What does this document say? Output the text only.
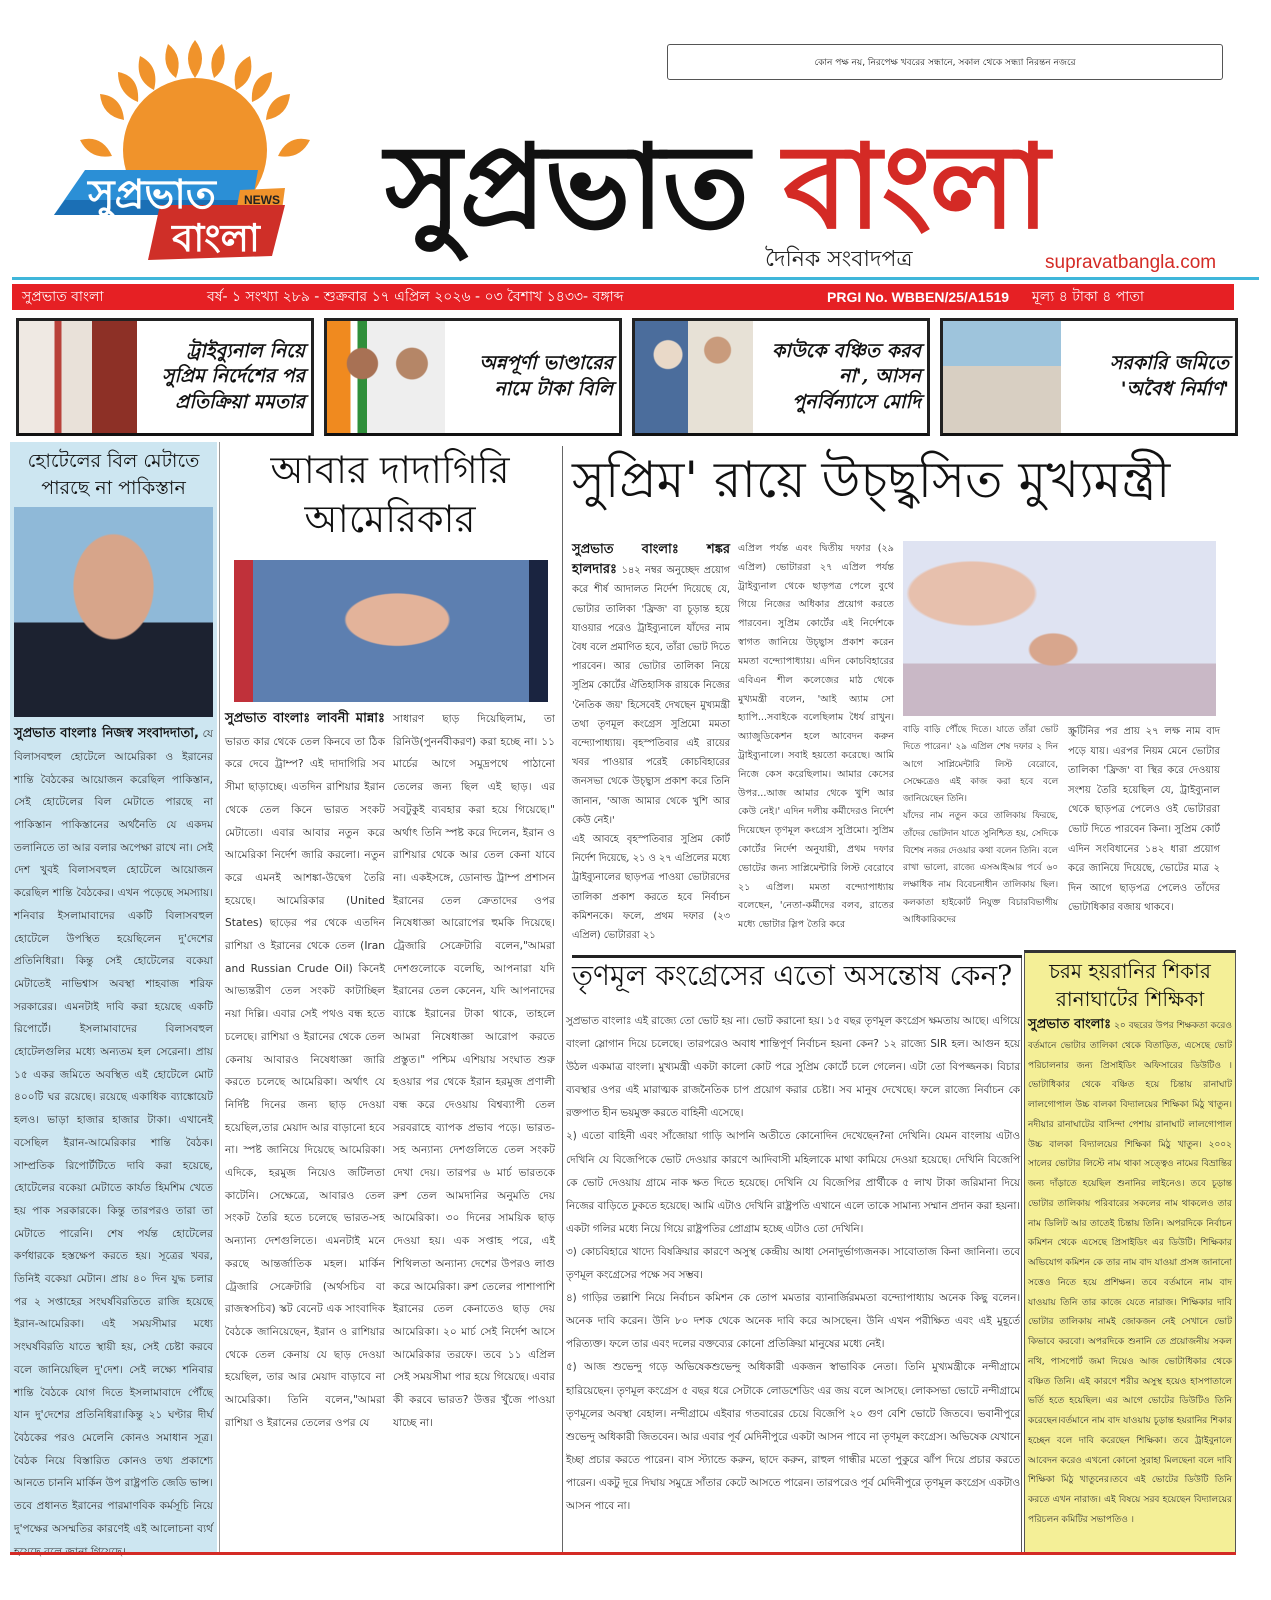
সুপ্রভাত
বাংলা
NEWS
কোন পক্ষ নয়, নিরপেক্ষ খবরের সন্ধানে, সকাল থেকে সন্ধ্যা নিরন্তন নজরে
সুপ্রভাত বাংলা
দৈনিক সংবাদপত্র	supravatbangla.com
সুপ্রভাত বাংলা	বর্ষ- ১ সংখ্যা ২৮৯ - শুক্রবার ১৭ এপ্রিল ২০২৬ - ০৩ বৈশাখ ১৪৩৩- বঙ্গাব্দ	PRGI No. WBBEN/25/A1519	মূল্য ৪ টাকা ৪ পাতা
ট্রাইব্যুনাল নিয়ে সুপ্রিম নির্দেশের পর প্রতিক্রিয়া মমতার
অন্নপূর্ণা ভাণ্ডারের নামে টাকা বিলি
কাউকে বঞ্চিত করব না', আসন পুনর্বিন্যাসে মোদি
সরকারি জমিতে 'অবৈধ নির্মাণ'
হোটেলের বিল মেটাতে পারছে না পাকিস্তান
সুপ্রভাত বাংলাঃ নিজস্ব সংবাদদাতা, যে বিলাসবহুল হোটেলে আমেরিকা ও ইরানের শান্তি বৈঠকের আয়োজন করেছিল পাকিস্তান, সেই হোটেলের বিল মেটাতে পারছে না পাকিস্তান পাকিস্তানের অর্থনৈতি যে একদম তলানিতে তা আর বলার অপেক্ষা রাখে না। সেই দেশ খুবই বিলাসবহুল হোটেলে আয়োজন করেছিল শান্তি বৈঠকের। এখন পড়েছে সমস্যায়। শনিবার ইসলামাবাদের একটি বিলাসবহুল হোটেলে উপস্থিত হয়েছিলেন দু'দেশের প্রতিনিধিরা। কিন্তু সেই হোটেলের বকেয়া মেটাতেই নাভিশ্বাস অবস্থা শাহবাজ শরিফ সরকারের। এমনটাই দাবি করা হয়েছে একটি রিপোর্টে। ইসলামাবাদের বিলাসবহুল হোটেলগুলির মধ্যে অন্যতম হল সেরেনা। প্রায় ১৫ একর জমিতে অবস্থিত এই হোটেলে মোট ৪০০টি ঘর রয়েছে। রয়েছে একাধিক ব্যাঙ্কোয়েট হলও। ভাড়া হাজার হাজার টাকা। এখানেই বসেছিল ইরান-আমেরিকার শান্তি বৈঠক। সাম্প্রতিক রিপোর্টটিতে দাবি করা হয়েছে, হোটেলের বকেয়া মেটাতে কার্যত হিমশিম খেতে হয় পাক সরকারকে। কিন্তু তারপরও তারা তা মেটাতে পারেনি। শেষ পর্যন্ত হোটেলের কর্ণধারকে হস্তক্ষেপ করতে হয়। সূত্রের খবর, তিনিই বকেয়া মেটান। প্রায় ৪০ দিন যুদ্ধ চলার পর ২ সপ্তাহের সংঘর্ষবিরতিতে রাজি হয়েছে ইরান-আমেরিকা। এই সময়সীমার মধ্যে সংঘর্ষবিরতি যাতে স্থায়ী হয়, সেই চেষ্টা করবে বলে জানিয়েছিল দু'দেশ। সেই লক্ষ্যে শনিবার শান্তি বৈঠকে যোগ দিতে ইসলামাবাদে পৌঁছে যান দু'দেশের প্রতিনিধিরা।কিন্তু ২১ ঘণ্টার দীর্ঘ বৈঠকের পরও মেলেনি কোনও সমাধান সূত্র। বৈঠক নিয়ে বিস্তারিত কোনও তথ্য প্রকাশ্যে আনতে চাননি মার্কিন উপ রাষ্ট্রপতি জেডি ভান্স। তবে প্রধানত ইরানের পারমাণবিক কর্মসূচি নিয়ে দু'পক্ষের অসম্মতির কারণেই এই আলোচনা ব্যর্থ
আবার দাদাগিরি আমেরিকার
সুপ্রভাত বাংলাঃ লাবনী মান্নাঃ ভারত কার থেকে তেল কিনবে তা ঠিক করে দেবে ট্রাম্প? এই দাদাগিরি সব সীমা ছাড়াচ্ছে। এতদিন রাশিয়ার ইরান থেকে তেল কিনে ভারত সংকট মেটাতো। এবার আবার নতুন করে আমেরিকা নির্দেশ জারি করলো। নতুন করে এমনই আশঙ্কা-উদ্বেগ তৈরি হয়েছে। আমেরিকার (United States) ছাড়ের পর থেকে এতদিন রাশিয়া ও ইরানের থেকে তেল (Iran and Russian Crude Oil) কিনেই আভ্যন্তরীণ তেল সংকট কাটাচ্ছিল নয়া দিল্লি। এবার সেই পথও বন্ধ হতে চলেছে। রাশিয়া ও ইরানের থেকে তেল কেনায় আবারও নিষেধাজ্ঞা জারি করতে চলেছে আমেরিকা। অর্থাৎ যে নির্দিষ্ট দিনের জন্য ছাড় দেওয়া হয়েছিল,তার মেয়াদ আর বাড়ানো হবে না। স্পষ্ট জানিয়ে দিয়েছে আমেরিকা। এদিকে, হরমুজ নিয়েও জটিলতা কাটেনি। সেক্ষেত্রে, আবারও তেল সংকট তৈরি হতে চলেছে ভারত-সহ অন্যান্য দেশগুলিতে। এমনটাই মনে করছে আন্তর্জাতিক মহল। মার্কিন ট্রেজারি সেক্রেটারি (অর্থসচিব বা রাজস্বসচিব) স্কট বেনেট এক সাংবাদিক বৈঠকে জানিয়েছেন, ইরান ও রাশিয়ার থেকে তেল কেনায় যে ছাড় দেওয়া হয়েছিল, তার আর মেয়াদ বাড়াবে না আমেরিকা। তিনি বলেন,"আমরা রাশিয়া ও ইরানের তেলের ওপর যে
সাধারণ ছাড় দিয়েছিলাম, তা রিনিউ(পুনর্নবীকরণ) করা হচ্ছে না। ১১ মার্চের আগে সমুদ্রপথে পাঠানো তেলের জন্য ছিল এই ছাড়। এর সবটুকুই ব্যবহার করা হয়ে গিয়েছে।" অর্থাৎ তিনি স্পষ্ট করে দিলেন, ইরান ও রাশিয়ার থেকে আর তেল কেনা যাবে না। একইসঙ্গে, ডোনাল্ড ট্রাম্প প্রশাসন ইরানের তেল ক্রেতাদের ওপর নিষেধাজ্ঞা আরোপের হুমকি দিয়েছে। ট্রেজারি সেক্রেটারি বলেন,"আমরা দেশগুলোকে বলেছি, আপনারা যদি ইরানের তেল কেনেন, যদি আপনাদের ব্যাঙ্কে ইরানের টাকা থাকে, তাহলে আমরা নিষেধাজ্ঞা আরোপ করতে প্রস্তুত।" পশ্চিম এশিয়ায় সংঘাত শুরু হওয়ার পর থেকে ইরান হরমুজ প্রণালী বন্ধ করে দেওয়ায় বিশ্বব্যাপী তেল সরবরাহে ব্যাপক প্রভাব পড়ে। ভারত-সহ অন্যান্য দেশগুলিতে তেল সংকট দেখা দেয়। তারপর ৬ মার্চ ভারতকে রুশ তেল আমদানির অনুমতি দেয় আমেরিকা। ৩০ দিনের সাময়িক ছাড় দেওয়া হয়। এক সপ্তাহ পরে, এই শিথিলতা অন্যান্য দেশের উপরও লাগু করে আমেরিকা। রুশ তেলের পাশাপাশি ইরানের তেল কেনাতেও ছাড় দেয় আমেরিকা। ২০ মার্চ সেই নির্দেশ আসে আমেরিকার তরফে। তবে ১১ এপ্রিল সেই সময়সীমা পার হয়ে গিয়েছে। এবার কী করবে ভারত? উত্তর খুঁজে পাওয়া যাচ্ছে না।
সুপ্রিম' রায়ে উচ্ছ্বসিত মুখ্যমন্ত্রী
সুপ্রভাত বাংলাঃ শঙ্কর হালদারঃ ১৪২ নম্বর অনুচ্ছেদ প্রয়োগ করে শীর্ষ আদালত নির্দেশ দিয়েছে যে, ভোটার তালিকা 'ফ্রিজ' বা চূড়ান্ত হয়ে যাওয়ার পরেও ট্রাইব্যুনালে যাঁদের নাম বৈধ বলে প্রমাণিত হবে, তাঁরা ভোট দিতে পারবেন। আর ভোটার তালিকা নিয়ে সুপ্রিম কোর্টের ঐতিহাসিক রায়কে নিজের 'নৈতিক জয়' হিসেবেই দেখছেন মুখ্যমন্ত্রী তথা তৃণমূল কংগ্রেস সুপ্রিমো মমতা বন্দ্যোপাধ্যায়। বৃহস্পতিবার এই রায়ের খবর পাওয়ার পরেই কোচবিহারের জনসভা থেকে উচ্ছ্বাস প্রকাশ করে তিনি জানান, 'আজ আমার থেকে খুশি আর কেউ নেই।'
এই আবহে বৃহস্পতিবার সুপ্রিম কোর্ট নির্দেশ দিয়েছে, ২১ ও ২৭ এপ্রিলের মধ্যে ট্রাইব্যুনালের ছাড়পত্র পাওয়া ভোটারদের তালিকা প্রকাশ করতে হবে নির্বাচন কমিশনকে। ফলে, প্রথম দফার (২৩ এপ্রিল) ভোটাররা ২১
এপ্রিল পর্যন্ত এবং দ্বিতীয় দফার (২৯ এপ্রিল) ভোটাররা ২৭ এপ্রিল পর্যন্ত ট্রাইব্যুনাল থেকে ছাড়পত্র পেলে বুথে গিয়ে নিজের অধিকার প্রয়োগ করতে পারবেন। সুপ্রিম কোর্টের এই নির্দেশকে স্বাগত জানিয়ে উচ্ছ্বাস প্রকাশ করেন মমতা বন্দ্যোপাধ্যায়। এদিন কোচবিহারের এবিএন শীল কলেজের মাঠ থেকে মুখ্যমন্ত্রী বলেন, 'আই অ্যাম সো হ্যাপি...সবাইকে বলেছিলাম ধৈর্য রাখুন। অ্যাজুডিকেশন হলে আবেদন করুন ট্রাইব্যুনালে। সবাই হয়তো করেছে। আমি নিজে কেস করেছিলাম। আমার কেসের উপর...আজ আমার থেকে খুশি আর কেউ নেই।' এদিন দলীয় কর্মীদেরও নির্দেশ দিয়েছেন তৃণমূল কংগ্রেস সুপ্রিমো। সুপ্রিম কোর্টের নির্দেশ অনুযায়ী, প্রথম দফার ভোটের জন্য সাপ্লিমেন্টারি লিস্ট বেরোবে ২১ এপ্রিল। মমতা বন্দ্যোপাধ্যায় বলেছেন, 'নেতা-কর্মীদের বলব, রাতের মধ্যে ভোটার স্লিপ তৈরি করে
বাড়ি বাড়ি পৌঁছে দিতে। যাতে তাঁরা ভোট দিতে পারেন।' ২৯ এপ্রিল শেষ দফার ২ দিন আগে সাপ্লিমেন্টারি লিস্ট বেরোবে, সেক্ষেত্রেও এই কাজ করা হবে বলে জানিয়েছেন তিনি।
যাঁদের নাম নতুন করে তালিকায় ফিরছে, তাঁদের ভোটদান যাতে সুনিশ্চিত হয়, সেদিকে বিশেষ নজর দেওয়ার কথা বলেন তিনি। বলে রাখা ভালো, রাজ্যে এসআইআর পর্বে ৬০ লক্ষাধিক নাম বিবেচনাধীন তালিকায় ছিল। কলকাতা হাইকোর্ট নিযুক্ত বিচারবিভাগীয় আধিকারিকদের
স্ক্রুটিনির পর প্রায় ২৭ লক্ষ নাম বাদ পড়ে যায়। এরপর নিয়ম মেনে ভোটার তালিকা 'ফ্রিজ' বা স্থির করে দেওয়ায় সংশয় তৈরি হয়েছিল যে, ট্রাইব্যুনাল থেকে ছাড়পত্র পেলেও ওই ভোটাররা ভোট দিতে পারবেন কিনা। সুপ্রিম কোর্ট এদিন সংবিধানের ১৪২ ধারা প্রয়োগ করে জানিয়ে দিয়েছে, ভোটের মাত্র ২ দিন আগে ছাড়পত্র পেলেও তাঁদের ভোটাধিকার বজায় থাকবে।
তৃণমূল কংগ্রেসের এতো অসন্তোষ কেন?

সুপ্রভাত বাংলাঃ এই রাজ্যে তো ভোট হয় না। ভোট করানো হয়। ১৫ বছর তৃণমূল কংগ্রেস ক্ষমতায় আছে। এগিয়ে বাংলা স্লোগান দিয়ে চলেছে। তারপরেও অবাধ শান্তিপূর্ণ নির্বাচন হয়না কেন? ১২ রাজ্যে SIR হল। আগুন হয়ে উঠল একমাত্র বাংলা। মুখ্যমন্ত্রী একটা কালো কোট পরে সুপ্রিম কোর্টে চলে গেলেন। এটা তো বিপজ্জনক। বিচার ব্যবস্থার ওপর এই মারাত্মক রাজনৈতিক চাপ প্রয়োগ করার চেষ্টা। সব মানুষ দেখেছে। ফলে রাজ্যে নির্বাচন কে রক্তপাত হীন ভয়মুক্ত করতে বাহিনী এসেছে।

২) এতো বাহিনী এবং সাঁজোয়া গাড়ি আপনি অতীতে কোনোদিন দেখেছেন?না দেখিনি। যেমন বাংলায় এটাও দেখিনি যে বিজেপিকে ভোট দেওয়ার কারণে আদিবাসী মহিলাকে মাথা কামিয়ে দেওয়া হয়েছে। দেখিনি বিজেপি কে ভোট দেওয়ায় গ্রামে নাক ক্ষত দিতে হয়েছে। দেখিনি যে বিজেপির প্রার্থীকে ৫ লাখ টাকা জরিমানা দিয়ে নিজের বাড়িতে ঢুকতে হয়েছে। আমি এটাও দেখিনি রাষ্ট্রপতি এখানে এলে তাকে সামান্য সম্মান প্রদান করা হয়না। একটা গলির মধ্যে নিয়ে গিয়ে রাষ্ট্রপতির প্রোগ্রাম হচ্ছে এটাও তো দেখিনি।

৩) কোচবিহারে খাদ্যে বিষক্রিয়ার কারণে অসুস্থ কেন্দ্রীয় আধা সেনাদুর্ভাগ্যজনক। সাবোতাজ কিনা জানিনা। তবে তৃণমূল কংগ্রেসের পক্ষে সব সম্ভব।

৪) গাড়ির তল্লাশি নিয়ে নির্বাচন কমিশন কে তোপ মমতার ব্যানার্জিরমমতা বন্দ্যোপাধ্যায় অনেক কিছু বলেন। অনেক দাবি করেন। উনি ৮০ দশক থেকে অনেক দাবি করে আসছেন। উনি এখন পরীক্ষিত এবং এই মুহূর্তে পরিত্যক্ত। ফলে তার এবং দলের বক্তব্যের কোনো প্রতিক্রিয়া মানুষের মধ্যে নেই।

৫) আজ শুভেন্দু গড়ে অভিষেকশুভেন্দু অধিকারী একজন স্বাভাবিক নেতা। তিনি মুখ্যমন্ত্রীকে নন্দীগ্রামে হারিয়েছেন। তৃণমূল কংগ্রেস ৫ বছর ধরে সেটাকে লোডশেডিং এর জয় বলে আসছে। লোকসভা ভোটে নন্দীগ্রামে তৃণমূলের অবস্থা বেহাল। নন্দীগ্রামে এইবার গতবারের চেয়ে বিজেপি ২০ গুণ বেশি ভোটে জিতবে। ভবানীপুরে শুভেন্দু অধিকারী জিতবেন। আর এবার পূর্ব মেদিনীপুরে একটা আসন পাবে না তৃণমূল কংগ্রেস। অভিষেক যেখানে ইচ্ছা প্রচার করতে পারেন। বাস স্ট্যান্ডে করুন, ছাদে করুন, রাহুল গান্ধীর মতো পুকুরে ঝাঁপ দিয়ে প্রচার করতে পারেন। একটু দূরে দিঘায় সমুদ্রে সাঁতার কেটে আসতে পারেন। তারপরেও পূর্ব মেদিনীপুরে তৃণমূল কংগ্রেস একটাও আসন পাবে না।

চরম হয়রানির শিকার রানাঘাটের শিক্ষিকা
সুপ্রভাত বাংলাঃ ২০ বছরের উপর শিক্ষকতা করেও বর্তমানে ভোটার তালিকা থেকে বিতাড়িত, এসেছে ভোট পরিচালনার জন্য প্রিসাইডিং অফিসারের ডিউটিও । ভোটাধিকার থেকে বঞ্চিত হয়ে চিন্তায় রানাঘাট লালগোপাল উচ্চ বালকা বিদ্যালয়ের শিক্ষিকা মিঠু খাতুন। নদীয়ার রানাঘাটের বাসিন্দা পেশায় রানাঘাট লালগোপাল উচ্চ বালকা বিদ্যালয়ের শিক্ষিকা মিঠু খাতুন। ২০০২ সালের ভোটার লিস্টে নাম থাকা সত্ত্বেও নামের বিভ্রান্তির জন্য দাঁড়াতে হয়েছিল শুনানির লাইনেও। তবে চূড়ান্ত ভোটার তালিকায় পরিবারের সকলের নাম থাকলেও তার নাম ডিলিট আর তাতেই চিন্তায় তিনি। অপরদিকে নির্বাচন কমিশন থেকে এসেছে প্রিসাইডিং এর ডিউটি। শিক্ষিকার অভিযোগ কমিশন কে তার নাম বাদ যাওয়া প্রসঙ্গ জানানো সত্তেও নিতে হয়ে প্রশিক্ষন। তবে বর্তমানে নাম বাদ যাওয়ায় তিনি তার কাজে যেতে নারাজ। শিক্ষিকার দাবি ভোটার তালিকায় নামই জোকজন নেই সেখানে ভোট কিভাবে করবো। অপরদিকে শুনানি তে প্রয়োজনীয় সকল নথি, পাসপোর্ট জমা দিয়েও আজ ভোটাধিকার থেকে বঞ্চিত তিনি। এই কারণে শরীর অসুস্থ হয়েও হাসপাতালে ভর্তি হতে হয়েছিল। এর আগে ভোটের ডিউটিও তিনি করেছেন।বর্তমানে নাম বাদ যাওয়ায় চূড়ান্ত হয়রানির শিকার হচ্ছেন বলে দাবি করেছেন শিক্ষিকা। তবে ট্রাইবুনালে আবেদন করেও এখনো কোনো সুরাহা মিলছেনা বলে দাবি শিক্ষিকা মিঠু খাতুনের।তবে এই ভোটের ডিউটি তিনি করতে এখন নারাজ। এই বিষয়ে সরব হয়েছেন বিদ্যালয়ের পরিচলন কমিটির সভাপতিও ।
